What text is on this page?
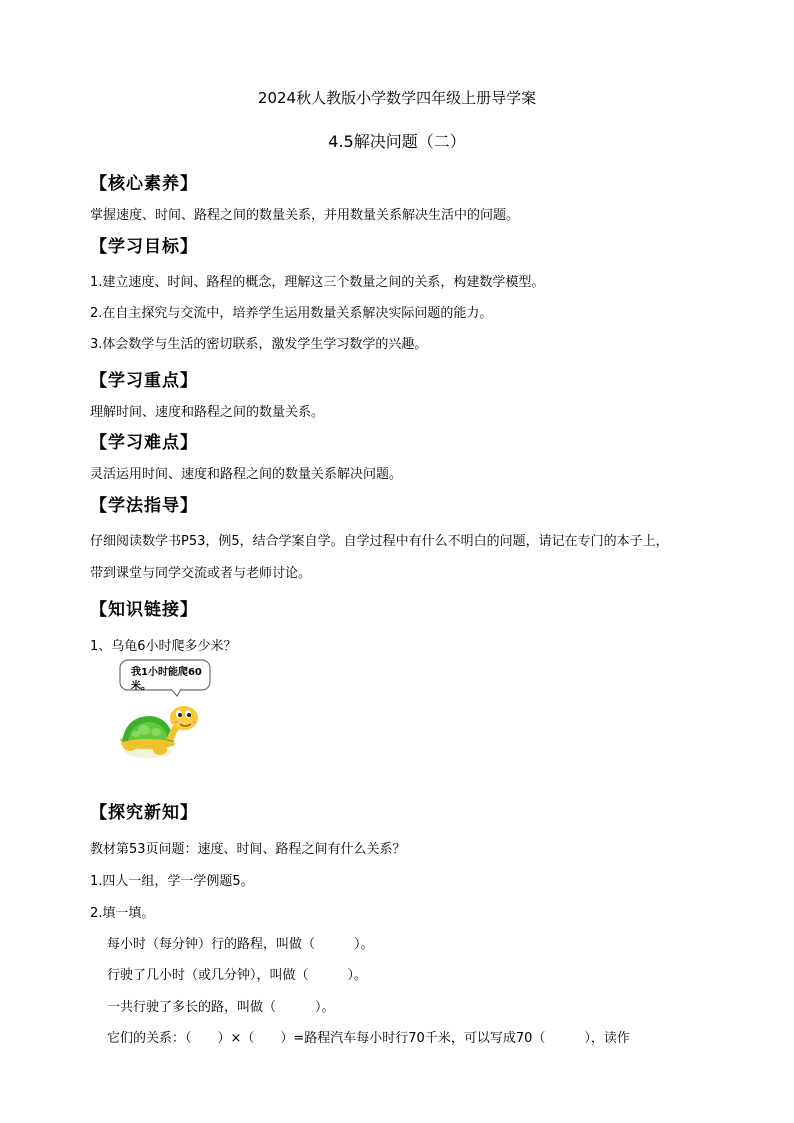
2024秋人教版小学数学四年级上册导学案
4.5解决问题（二）
【核心素养】
掌握速度、时间、路程之间的数量关系，并用数量关系解决生活中的问题。
【学习目标】
1.建立速度、时间、路程的概念，理解这三个数量之间的关系，构建数学模型。
2.在自主探究与交流中，培养学生运用数量关系解决实际问题的能力。
3.体会数学与生活的密切联系，激发学生学习数学的兴趣。
【学习重点】
理解时间、速度和路程之间的数量关系。
【学习难点】
灵活运用时间、速度和路程之间的数量关系解决问题。
【学法指导】
仔细阅读数学书P53，例5，结合学案自学。自学过程中有什么不明白的问题，请记在专门的本子上，
带到课堂与同学交流或者与老师讨论。
【知识链接】
1、乌龟6小时爬多少米？
我1小时能爬60米。
【探究新知】
教材第53页问题：速度、时间、路程之间有什么关系？
1.四人一组，学一学例题5。
2.填一填。
每小时（每分钟）行的路程，叫做（　　　）。
行驶了几小时（或几分钟），叫做（　　　）。
一共行驶了多长的路，叫做（　　　）。
它们的关系：（　　）×（　　）=路程汽车每小时行70千米，可以写成70（　　　），读作
